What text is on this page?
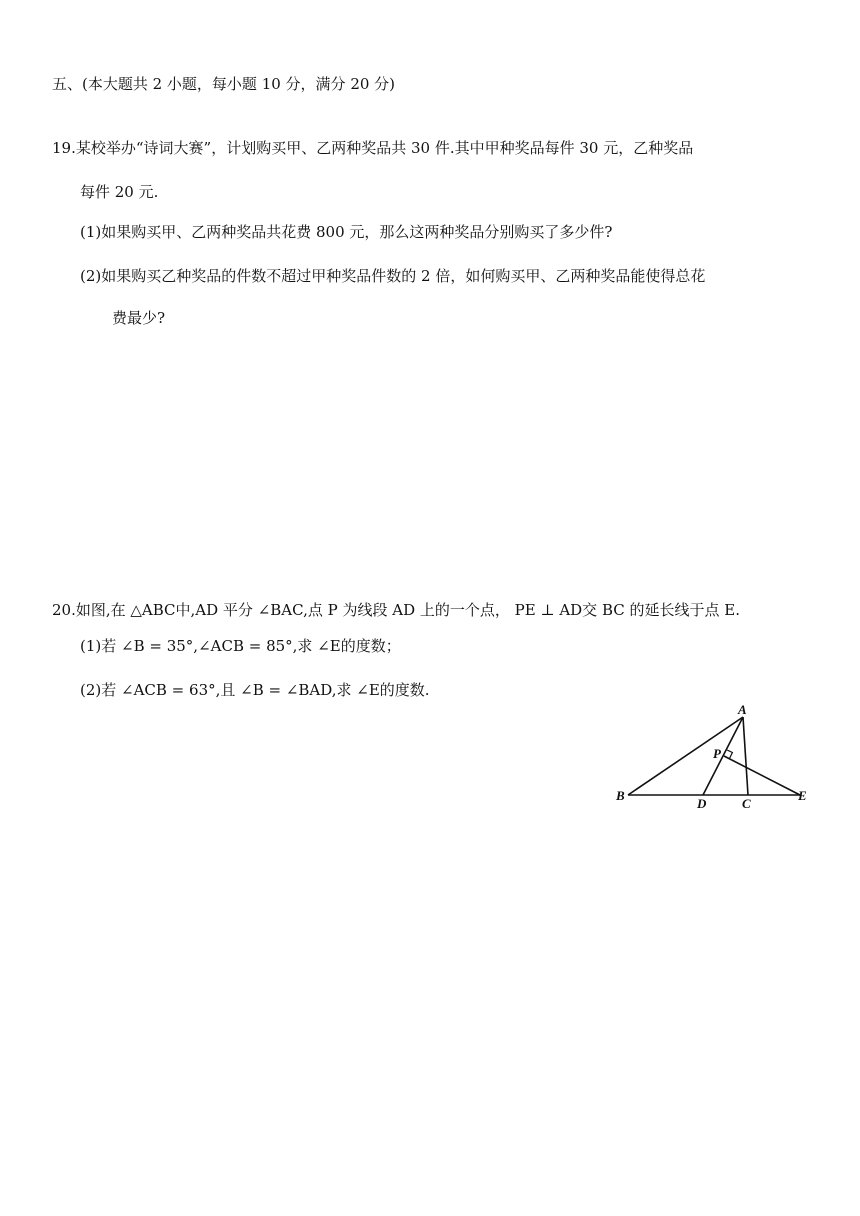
五、(本大题共 2 小题，每小题 10 分，满分 20 分)
19.某校举办“诗词大赛”，计划购买甲、乙两种奖品共 30 件.其中甲种奖品每件 30 元，乙种奖品
每件 20 元.
(1)如果购买甲、乙两种奖品共花费 800 元，那么这两种奖品分别购买了多少件?
(2)如果购买乙种奖品的件数不超过甲种奖品件数的 2 倍，如何购买甲、乙两种奖品能使得总花
费最少?
20.如图,在 △ABC中,AD 平分 ∠BAC,点 P 为线段 AD 上的一个点， PE ⊥ AD交 BC 的延长线于点 E.
(1)若 ∠B = 35°,∠ACB = 85°,求 ∠E的度数；
(2)若 ∠ACB = 63°,且 ∠B = ∠BAD,求 ∠E的度数.
A
P
B
D	C
E
